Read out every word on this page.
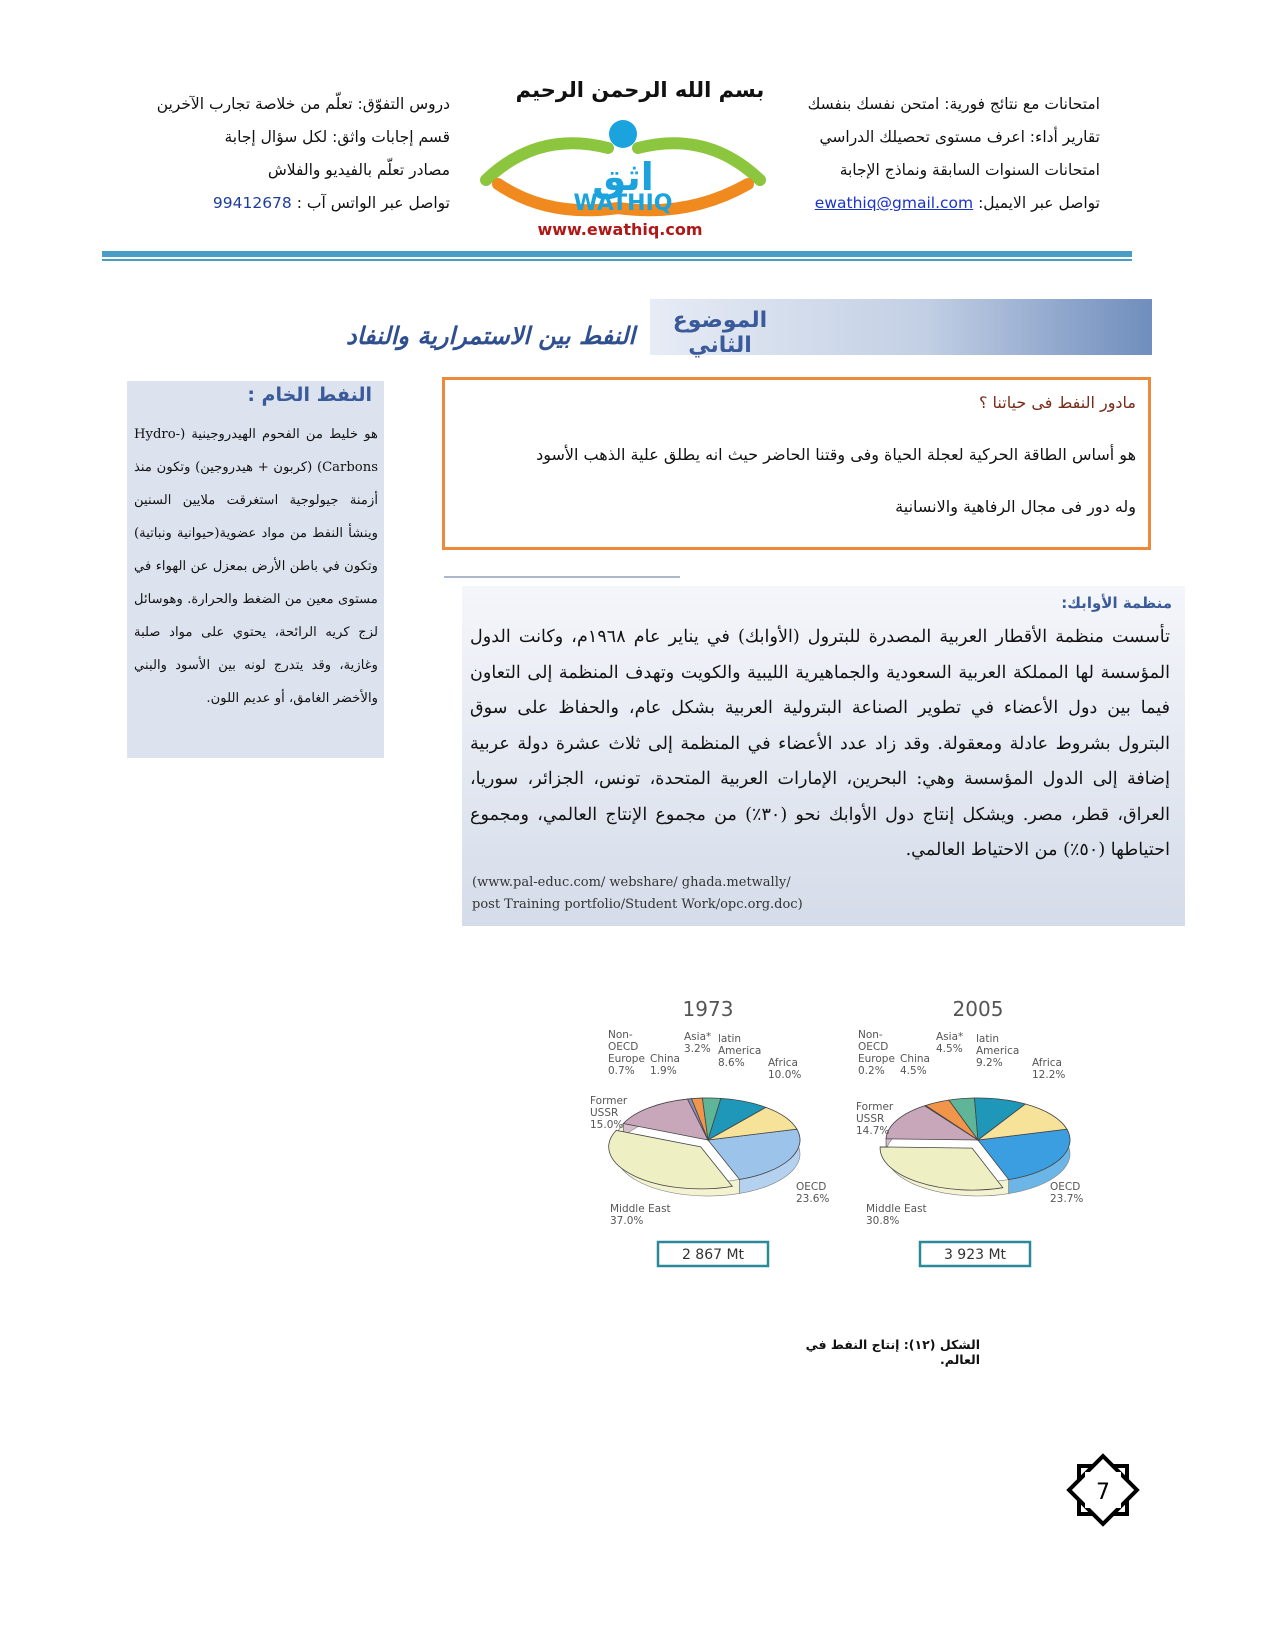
دروس التفوّق: تعلّم من خلاصة تجارب الآخرين
قسم إجابات واثق: لكل سؤال إجابة
مصادر تعلّم بالفيديو والفلاش
تواصل عبر الواتس آب : 99412678
امتحانات مع نتائج فورية: امتحن نفسك بنفسك
تقارير أداء: اعرف مستوى تحصيلك الدراسي
امتحانات السنوات السابقة ونماذج الإجابة
تواصل عبر الايميل: ewathiq@gmail.com
بسم الله الرحمن الرحيم
اثق
WATHIQ
www.ewathiq.com
الموضوع الثاني
النفط بين الاستمرارية والنفاد
النفط الخام :
هو خليط من الفحوم الهيدروجينية (Hydro-Carbons) (كربون + هيدروجين) وتكون منذ أزمنة جيولوجية استغرقت ملايين السنين وينشأ النفط من مواد عضوية(حيوانية ونباتية) وتكون في باطن الأرض بمعزل عن الهواء في مستوى معين من الضغط والحرارة. وهوسائل لزج كريه الرائحة، يحتوي على مواد صلبة وغازية، وقد يتدرج لونه بين الأسود والبني والأخضر الغامق، أو عديم اللون.
مادور النفط فى حياتنا ؟
هو أساس الطاقة الحركية لعجلة الحياة وفى وقتنا الحاضر حيث انه يطلق علية الذهب الأسود
وله دور فى مجال الرفاهية والانسانية
منظمة الأوابك:
تأسست منظمة الأقطار العربية المصدرة للبترول (الأوابك) في يناير عام ١٩٦٨م، وكانت الدول المؤسسة لها المملكة العربية السعودية والجماهيرية الليبية والكويت وتهدف المنظمة إلى التعاون فيما بين دول الأعضاء في تطوير الصناعة البترولية العربية بشكل عام، والحفاظ على سوق البترول بشروط عادلة ومعقولة. وقد زاد عدد الأعضاء في المنظمة إلى ثلاث عشرة دولة عربية إضافة إلى الدول المؤسسة وهي: البحرين، الإمارات العربية المتحدة، تونس، الجزائر، سوريا، العراق، قطر، مصر. ويشكل إنتاج دول الأوابك نحو (٣٠٪) من مجموع الإنتاج العالمي، ومجموع احتياطها (٥٠٪) من الاحتياط العالمي.
(www.pal-educ.com/ webshare/ ghada.metwally/
post Training portfolio/Student Work/opc.org.doc)
1973
OECD 23.6%
Middle East 37.0%
Former USSR 15.0%
Non-OECD Europe 0.7%
China 1.9%
Asia* 3.2%
latin America 8.6%	Africa 10.0%
2 867 Mt
2005
OECD 23.7%
Middle East 30.8%
Former USSR 14.7%
Non-OECD Europe 0.2%
China 4.5%
Asia* 4.5%
latin America 9.2%	Africa 12.2%
3 923 Mt
الشكل (١٢): إنتاج النفط في العالم.
7
